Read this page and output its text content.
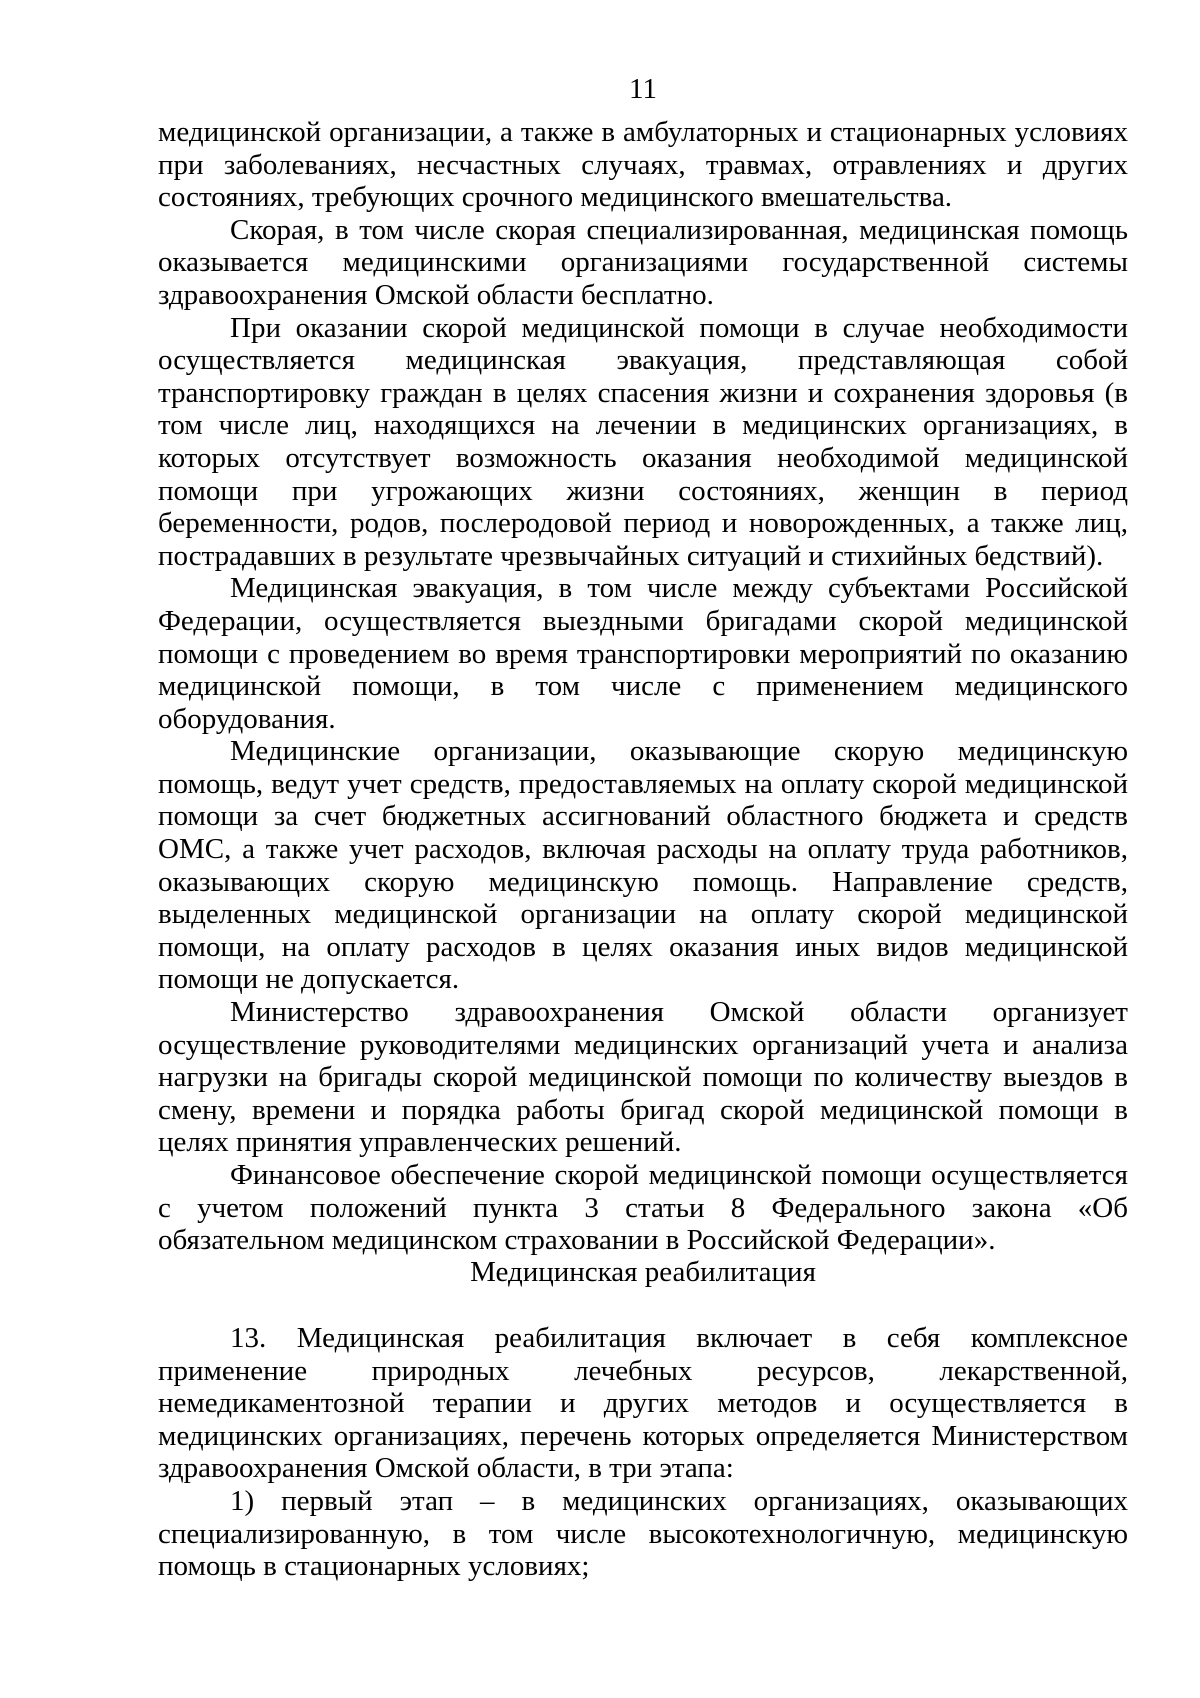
11

медицинской организации, а также в амбулаторных и стационарных условиях при заболеваниях, несчастных случаях, травмах, отравлениях и других состояниях, требующих срочного медицинского вмешательства.

Скорая, в том числе скорая специализированная, медицинская помощь оказывается медицинскими организациями государственной системы здравоохранения Омской области бесплатно.

При оказании скорой медицинской помощи в случае необходимости осуществляется медицинская эвакуация, представляющая собой транспортировку граждан в целях спасения жизни и сохранения здоровья (в том числе лиц, находящихся на лечении в медицинских организациях, в которых отсутствует возможность оказания необходимой медицинской помощи при угрожающих жизни состояниях, женщин в период беременности, родов, послеродовой период и новорожденных, а также лиц, пострадавших в результате чрезвычайных ситуаций и стихийных бедствий).

Медицинская эвакуация, в том числе между субъектами Российской Федерации, осуществляется выездными бригадами скорой медицинской помощи с проведением во время транспортировки мероприятий по оказанию медицинской помощи, в том числе с применением медицинского оборудования.

Медицинские организации, оказывающие скорую медицинскую помощь, ведут учет средств, предоставляемых на оплату скорой медицинской помощи за счет бюджетных ассигнований областного бюджета и средств ОМС, а также учет расходов, включая расходы на оплату труда работников, оказывающих скорую медицинскую помощь. Направление средств, выделенных медицинской организации на оплату скорой медицинской помощи, на оплату расходов в целях оказания иных видов медицинской помощи не допускается.

Министерство здравоохранения Омской области организует осуществление руководителями медицинских организаций учета и анализа нагрузки на бригады скорой медицинской помощи по количеству выездов в смену, времени и порядка работы бригад скорой медицинской помощи в целях принятия управленческих решений.

Финансовое обеспечение скорой медицинской помощи осуществляется с учетом положений пункта 3 статьи 8 Федерального закона «Об обязательном медицинском страховании в Российской Федерации».

Медицинская реабилитация

13. Медицинская реабилитация включает в себя комплексное применение природных лечебных ресурсов, лекарственной, немедикаментозной терапии и других методов и осуществляется в медицинских организациях, перечень которых определяется Министерством здравоохранения Омской области, в три этапа:

1) первый этап – в медицинских организациях, оказывающих специализированную, в том числе высокотехнологичную, медицинскую помощь в стационарных условиях;
